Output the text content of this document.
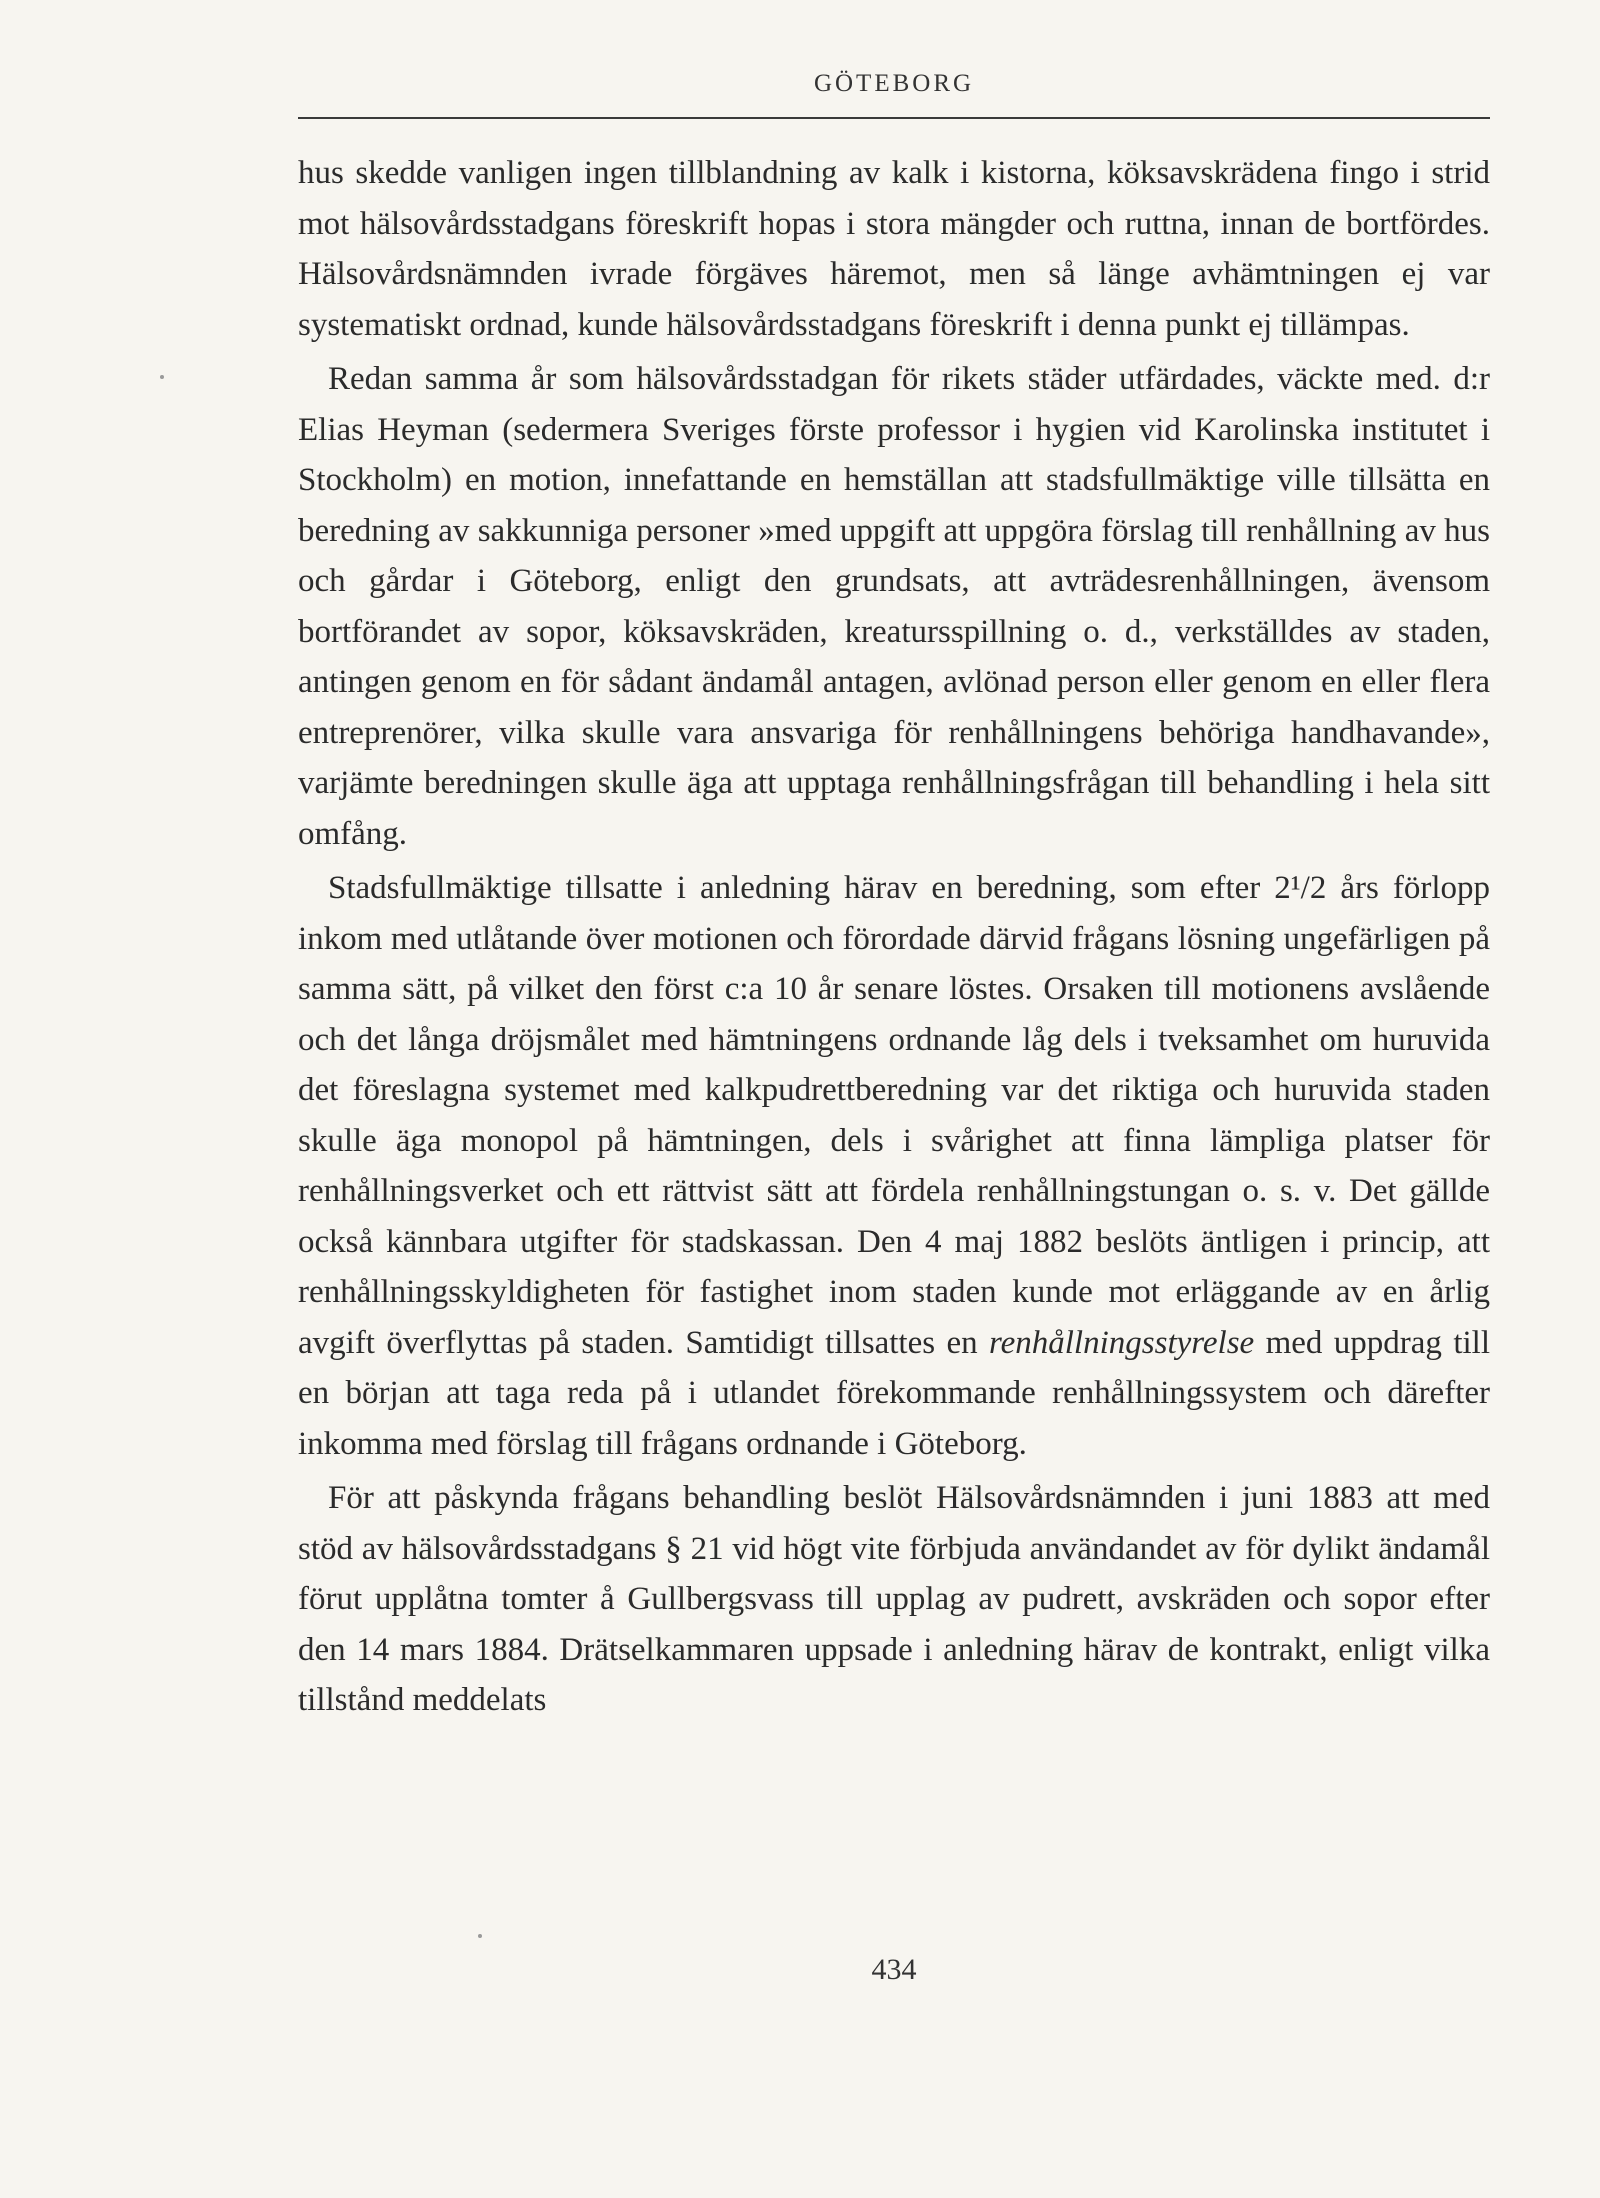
GÖTEBORG

hus skedde vanligen ingen tillblandning av kalk i kistorna, köksavskrädena fingo i strid mot hälsovårdsstadgans föreskrift hopas i stora mängder och ruttna, innan de bortfördes. Hälsovårdsnämnden ivrade förgäves häremot, men så länge avhämtningen ej var systematiskt ordnad, kunde hälsovårdsstadgans föreskrift i denna punkt ej tillämpas.

Redan samma år som hälsovårdsstadgan för rikets städer utfärdades, väckte med. d:r Elias Heyman (sedermera Sveriges förste professor i hygien vid Karolinska institutet i Stockholm) en motion, innefattande en hemställan att stadsfullmäktige ville tillsätta en beredning av sakkunniga personer »med uppgift att uppgöra förslag till renhållning av hus och gårdar i Göteborg, enligt den grundsats, att avträdesrenhållningen, ävensom bortförandet av sopor, köksavskräden, kreatursspillning o. d., verkställdes av staden, antingen genom en för sådant ändamål antagen, avlönad person eller genom en eller flera entreprenörer, vilka skulle vara ansvariga för renhållningens behöriga handhavande», varjämte beredningen skulle äga att upptaga renhållningsfrågan till behandling i hela sitt omfång.

Stadsfullmäktige tillsatte i anledning härav en beredning, som efter 2¹/2 års förlopp inkom med utlåtande över motionen och förordade därvid frågans lösning ungefärligen på samma sätt, på vilket den först c:a 10 år senare löstes. Orsaken till motionens avslående och det långa dröjsmålet med hämtningens ordnande låg dels i tveksamhet om huruvida det föreslagna systemet med kalkpudrettberedning var det riktiga och huruvida staden skulle äga monopol på hämtningen, dels i svårighet att finna lämpliga platser för renhållningsverket och ett rättvist sätt att fördela renhållningstungan o. s. v. Det gällde också kännbara utgifter för stadskassan. Den 4 maj 1882 beslöts äntligen i princip, att renhållningsskyldigheten för fastighet inom staden kunde mot erläggande av en årlig avgift överflyttas på staden. Samtidigt tillsattes en renhållningsstyrelse med uppdrag till en början att taga reda på i utlandet förekommande renhållningssystem och därefter inkomma med förslag till frågans ordnande i Göteborg.

För att påskynda frågans behandling beslöt Hälsovårdsnämnden i juni 1883 att med stöd av hälsovårdsstadgans § 21 vid högt vite förbjuda användandet av för dylikt ändamål förut upplåtna tomter å Gullbergsvass till upplag av pudrett, avskräden och sopor efter den 14 mars 1884. Drätselkammaren uppsade i anledning härav de kontrakt, enligt vilka tillstånd meddelats

434
